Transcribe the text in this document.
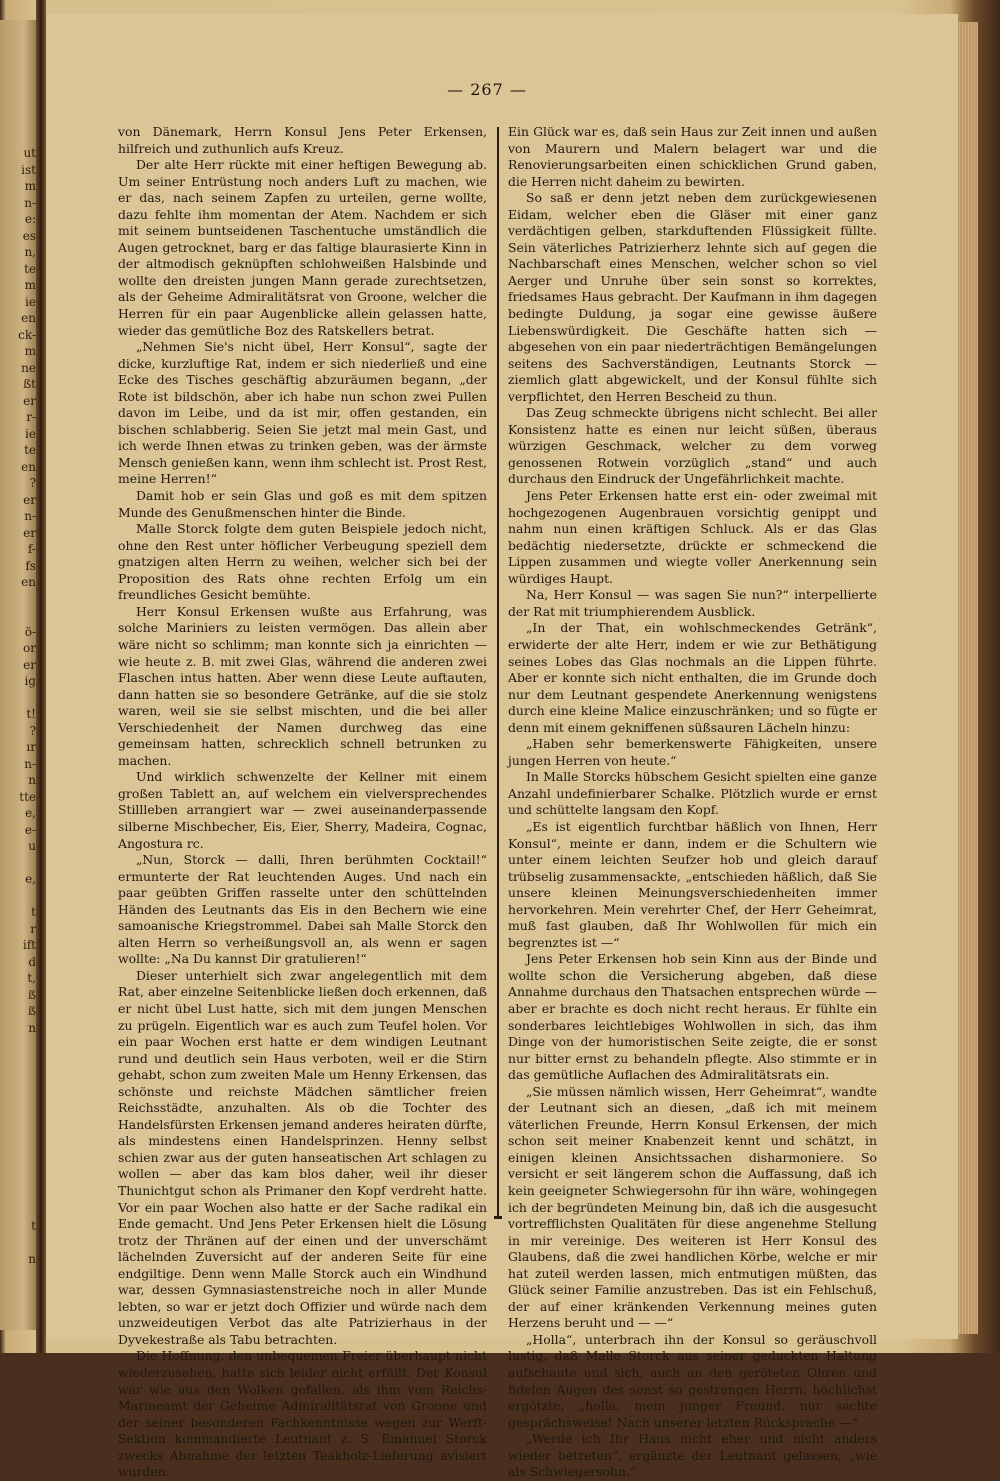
ut
ist
m
n-
e:
es
n,
te
m
ie
en
ck-
m
ne
ßt
er
r-
ie
te
en
?
er
n-
er
f-
fs
en
ö-
or
er
ig
t!
?
ır
n-
n
tte
e,
e-
u
e,
t
r
ift
d
t,
ß
ß
n
t
n
— 267 —

von Dänemark, Herrn Konsul Jens Peter Erkensen, hilfreich und zuthunlich aufs Kreuz.

Der alte Herr rückte mit einer heftigen Bewegung ab. Um seiner Entrüstung noch anders Luft zu machen, wie er das, nach seinem Zapfen zu urteilen, gerne wollte, dazu fehlte ihm momentan der Atem. Nachdem er sich mit seinem buntseidenen Taschentuche umständlich die Augen getrocknet, barg er das faltige blaurasierte Kinn in der altmodisch geknüpften schlohweißen Halsbinde und wollte den dreisten jungen Mann gerade zurechtsetzen, als der Geheime Admiralitätsrat von Groone, welcher die Herren für ein paar Augenblicke allein gelassen hatte, wieder das gemütliche Boz des Ratskellers betrat.

„Nehmen Sie's nicht übel, Herr Konsul“, sagte der dicke, kurzluftige Rat, indem er sich niederließ und eine Ecke des Tisches geschäftig abzuräumen begann, „der Rote ist bildschön, aber ich habe nun schon zwei Pullen davon im Leibe, und da ist mir, offen gestanden, ein bischen schlabberig. Seien Sie jetzt mal mein Gast, und ich werde Ihnen etwas zu trinken geben, was der ärmste Mensch genießen kann, wenn ihm schlecht ist. Prost Rest, meine Herren!“

Damit hob er sein Glas und goß es mit dem spitzen Munde des Genußmenschen hinter die Binde.

Malle Storck folgte dem guten Beispiele jedoch nicht, ohne den Rest unter höflicher Verbeugung speziell dem gnatzigen alten Herrn zu weihen, welcher sich bei der Proposition des Rats ohne rechten Erfolg um ein freundliches Gesicht bemühte.

Herr Konsul Erkensen wußte aus Erfahrung, was solche Mariniers zu leisten vermögen. Das allein aber wäre nicht so schlimm; man konnte sich ja einrichten — wie heute z. B. mit zwei Glas, während die anderen zwei Flaschen intus hatten. Aber wenn diese Leute auftauten, dann hatten sie so besondere Getränke, auf die sie stolz waren, weil sie sie selbst mischten, und die bei aller Verschiedenheit der Namen durchweg das eine gemeinsam hatten, schrecklich schnell betrunken zu machen.

Und wirklich schwenzelte der Kellner mit einem großen Tablett an, auf welchem ein vielversprechendes Stillleben arrangiert war — zwei auseinanderpassende silberne Mischbecher, Eis, Eier, Sherry, Madeira, Cognac, Angostura rc.

„Nun, Storck — dalli, Ihren berühmten Cocktail!“ ermunterte der Rat leuchtenden Auges. Und nach ein paar geübten Griffen rasselte unter den schüttelnden Händen des Leutnants das Eis in den Bechern wie eine samoanische Kriegstrommel. Dabei sah Malle Storck den alten Herrn so verheißungsvoll an, als wenn er sagen wollte: „Na Du kannst Dir gratulieren!“

Dieser unterhielt sich zwar angelegentlich mit dem Rat, aber einzelne Seitenblicke ließen doch erkennen, daß er nicht übel Lust hatte, sich mit dem jungen Menschen zu prügeln. Eigentlich war es auch zum Teufel holen. Vor ein paar Wochen erst hatte er dem windigen Leutnant rund und deutlich sein Haus verboten, weil er die Stirn gehabt, schon zum zweiten Male um Henny Erkensen, das schönste und reichste Mädchen sämtlicher freien Reichsstädte, anzuhalten. Als ob die Tochter des Handelsfürsten Erkensen jemand anderes heiraten dürfte, als mindestens einen Handelsprinzen. Henny selbst schien zwar aus der guten hanseatischen Art schlagen zu wollen — aber das kam blos daher, weil ihr dieser Thunichtgut schon als Primaner den Kopf verdreht hatte. Vor ein paar Wochen also hatte er der Sache radikal ein Ende gemacht. Und Jens Peter Erkensen hielt die Lösung trotz der Thränen auf der einen und der unverschämt lächelnden Zuversicht auf der anderen Seite für eine endgiltige. Denn wenn Malle Storck auch ein Windhund war, dessen Gymnasiastenstreiche noch in aller Munde lebten, so war er jetzt doch Offizier und würde nach dem unzweideutigen Verbot das alte Patrizierhaus in der Dyvekestraße als Tabu betrachten.

Die Hoffnung, den unbequemen Freier überhaupt nicht wiederzusehen, hatte sich leider nicht erfüllt. Der Konsul war wie aus den Wolken gefallen, als ihm vom Reichs-Marineamt der Geheime Admiralitätsrat von Groone und der seiner besonderen Fachkenntnisse wegen zur Werft-Sektion kommandierte Leutnant z. S. Emanuel Storck zwecks Abnahme der letzten Teakholz-Lieferung avisiert wurden.

Ein Glück war es, daß sein Haus zur Zeit innen und außen von Maurern und Malern belagert war und die Renovierungsarbeiten einen schicklichen Grund gaben, die Herren nicht daheim zu bewirten.

So saß er denn jetzt neben dem zurückgewiesenen Eidam, welcher eben die Gläser mit einer ganz verdächtigen gelben, starkduftenden Flüssigkeit füllte. Sein väterliches Patrizierherz lehnte sich auf gegen die Nachbarschaft eines Menschen, welcher schon so viel Aerger und Unruhe über sein sonst so korrektes, friedsames Haus gebracht. Der Kaufmann in ihm dagegen bedingte Duldung, ja sogar eine gewisse äußere Liebenswürdigkeit. Die Geschäfte hatten sich — abgesehen von ein paar niederträchtigen Bemängelungen seitens des Sachverständigen, Leutnants Storck — ziemlich glatt abgewickelt, und der Konsul fühlte sich verpflichtet, den Herren Bescheid zu thun.

Das Zeug schmeckte übrigens nicht schlecht. Bei aller Konsistenz hatte es einen nur leicht süßen, überaus würzigen Geschmack, welcher zu dem vorweg genossenen Rotwein vorzüglich „stand“ und auch durchaus den Eindruck der Ungefährlichkeit machte.

Jens Peter Erkensen hatte erst ein- oder zweimal mit hochgezogenen Augenbrauen vorsichtig genippt und nahm nun einen kräftigen Schluck. Als er das Glas bedächtig niedersetzte, drückte er schmeckend die Lippen zusammen und wiegte voller Anerkennung sein würdiges Haupt.

Na, Herr Konsul — was sagen Sie nun?“ interpellierte der Rat mit triumphierendem Ausblick.

„In der That, ein wohlschmeckendes Getränk“, erwiderte der alte Herr, indem er wie zur Bethätigung seines Lobes das Glas nochmals an die Lippen führte. Aber er konnte sich nicht enthalten, die im Grunde doch nur dem Leutnant gespendete Anerkennung wenigstens durch eine kleine Malice einzuschränken; und so fügte er denn mit einem gekniffenen süßsauren Lächeln hinzu:

„Haben sehr bemerkenswerte Fähigkeiten, unsere jungen Herren von heute.“

In Malle Storcks hübschem Gesicht spielten eine ganze Anzahl undefinierbarer Schalke. Plötzlich wurde er ernst und schüttelte langsam den Kopf.

„Es ist eigentlich furchtbar häßlich von Ihnen, Herr Konsul“, meinte er dann, indem er die Schultern wie unter einem leichten Seufzer hob und gleich darauf trübselig zusammensackte, „entschieden häßlich, daß Sie unsere kleinen Meinungsverschiedenheiten immer hervorkehren. Mein verehrter Chef, der Herr Geheimrat, muß fast glauben, daß Ihr Wohlwollen für mich ein begrenztes ist —“

Jens Peter Erkensen hob sein Kinn aus der Binde und wollte schon die Versicherung abgeben, daß diese Annahme durchaus den Thatsachen entsprechen würde — aber er brachte es doch nicht recht heraus. Er fühlte ein sonderbares leichtlebiges Wohlwollen in sich, das ihm Dinge von der humoristischen Seite zeigte, die er sonst nur bitter ernst zu behandeln pflegte. Also stimmte er in das gemütliche Auflachen des Admiralitätsrats ein.

„Sie müssen nämlich wissen, Herr Geheimrat“, wandte der Leutnant sich an diesen, „daß ich mit meinem väterlichen Freunde, Herrn Konsul Erkensen, der mich schon seit meiner Knabenzeit kennt und schätzt, in einigen kleinen Ansichtssachen disharmoniere. So versicht er seit längerem schon die Auffassung, daß ich kein geeigneter Schwiegersohn für ihn wäre, wohingegen ich der begründeten Meinung bin, daß ich die ausgesucht vortrefflichsten Qualitäten für diese angenehme Stellung in mir vereinige. Des weiteren ist Herr Konsul des Glaubens, daß die zwei handlichen Körbe, welche er mir hat zuteil werden lassen, mich entmutigen müßten, das Glück seiner Familie anzustreben. Das ist ein Fehlschuß, der auf einer kränkenden Verkennung meines guten Herzens beruht und — —“

„Holla“, unterbrach ihn der Konsul so geräuschvoll lustig, daß Malle Storck aus seiner geduckten Haltung aufschaute und sich, auch an den geröteten Ohren und fidelen Augen des sonst so gestrengen Herrn, höchlichst ergötzte, „holla, mein junger Freund, nur sachte gesprächsweise! Nach unserer letzten Rücksprache —“

„Werde ich Ihr Haus nicht eher und nicht anders wieder betreten“, ergänzte der Leutnant gelassen, „wie als Schwiegersohn.“
